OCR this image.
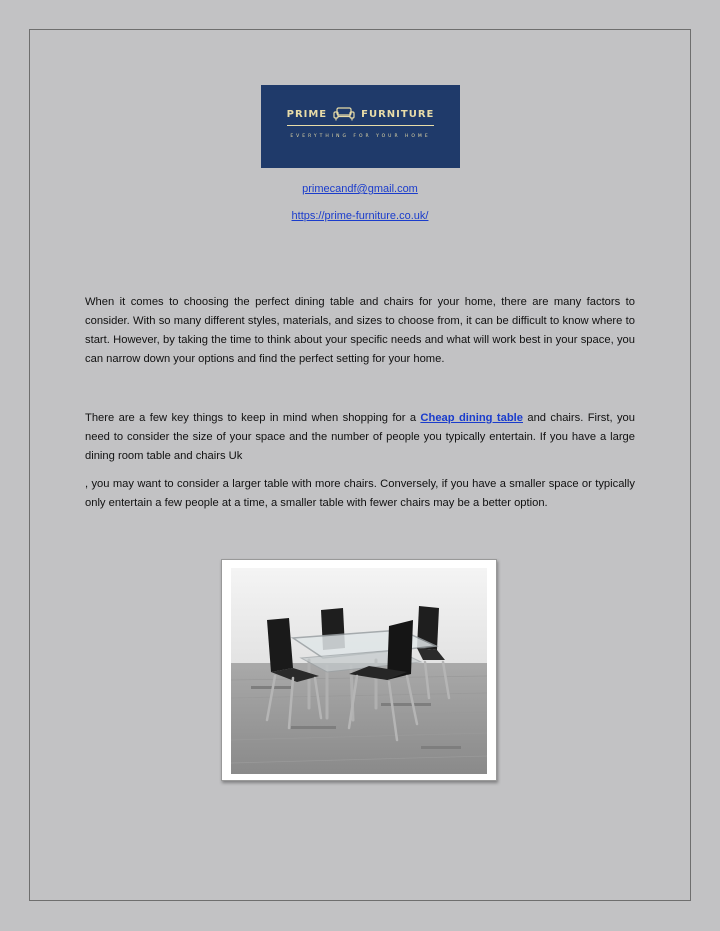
PRIME	FURNITURE
EVERYTHING FOR YOUR HOME
primecandf@gmail.com
https://prime-furniture.co.uk/

When it comes to choosing the perfect dining table and chairs for your home, there are many factors to consider. With so many different styles, materials, and sizes to choose from, it can be difficult to know where to start. However, by taking the time to think about your specific needs and what will work best in your space, you can narrow down your options and find the perfect setting for your home.

There are a few key things to keep in mind when shopping for a Cheap dining table and chairs. First, you need to consider the size of your space and the number of people you typically entertain. If you have a large dining room table and chairs Uk

, you may want to consider a larger table with more chairs. Conversely, if you have a smaller space or typically only entertain a few people at a time, a smaller table with fewer chairs may be a better option.
